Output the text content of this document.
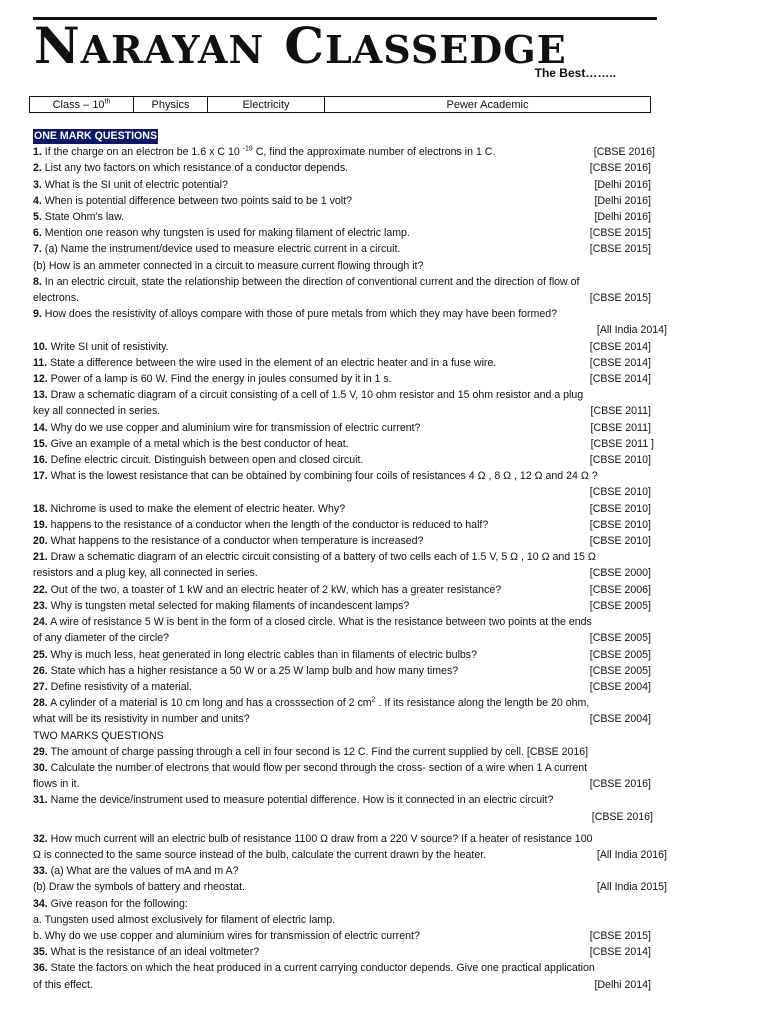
NARAYAN CLASSEDGE
The Best……..
Class – 10th	Physics	Electricity	Pewer Academic
ONE MARK QUESTIONS
1. If the charge on an electron be 1.6 x C 10 $^{-19}$ C, find the approximate number of electrons in 1 C.	[CBSE 2016]
2. List any two factors on which resistance of a conductor depends.	[CBSE 2016]
3. What is the SI unit of electric potential?	[Delhi 2016]
4. When is potential difference between two points said to be 1 volt?	[Delhi 2016]
5. State Ohm’s law.	[Delhi 2016]
6. Mention one reason why tungsten is used for making filament of electric lamp.	[CBSE 2015]
7. (a) Name the instrument/device used to measure electric current in a circuit.	[CBSE 2015]
(b) How is an ammeter connected in a circuit to measure current flowing through it?
8. In an electric circuit, state the relationship between the direction of conventional current and the direction of flow of
electrons.	[CBSE 2015]
9. How does the resistivity of alloys compare with those of pure metals from which they may have been formed?
[All India 2014]
10. Write SI unit of resistivity.	[CBSE 2014]
11. State a difference between the wire used in the element of an electric heater and in a fuse wire.	[CBSE 2014]
12. Power of a lamp is 60 W. Find the energy in joules consumed by it in 1 s.	[CBSE 2014]
13. Draw a schematic diagram of a circuit consisting of a cell of 1.5 V, 10 ohm resistor and 15 ohm resistor and a plug
key all connected in series.	[CBSE 2011]
14. Why do we use copper and aluminium wire for transmission of electric current?	[CBSE 2011]
15. Give an example of a metal which is the best conductor of heat.	[CBSE 2011 ]
16. Define electric circuit. Distinguish between open and closed circuit.	[CBSE 2010]
17. What is the lowest resistance that can be obtained by combining four coils of resistances 4 Ω , 8 Ω , 12 Ω and 24 Ω ?
[CBSE 2010]
18. Nichrome is used to make the element of electric heater. Why?	[CBSE 2010]
19. happens to the resistance of a conductor when the length of the conductor is reduced to half?	[CBSE 2010]
20. What happens to the resistance of a conductor when temperature is increased?	[CBSE 2010]
21. Draw a schematic diagram of an electric circuit consisting of a battery of two cells each of 1.5 V, 5 Ω , 10 Ω and 15 Ω
resistors and a plug key, all connected in series.	[CBSE 2000]
22. Out of the two, a toaster of 1 kW and an electric heater of 2 kW, which has a greater resistance?	[CBSE 2006]
23. Why is tungsten metal selected for making filaments of incandescent lamps?	[CBSE 2005]
24. A wire of resistance 5 W is bent in the form of a closed circle. What is the resistance between two points at the ends
of any diameter of the circle?	[CBSE 2005]
25. Why is much less, heat generated in long electric cables than in filaments of electric bulbs?	[CBSE 2005]
26. State which has a higher resistance a 50 W or a 25 W lamp bulb and how many times?	[CBSE 2005]
27. Define resistivity of a material.	[CBSE 2004]
28. A cylinder of a material is 10 cm long and has a crosssection of 2 $cm^2$ . If its resistance along the length be 20 ohm,
what will be its resistivity in number and units?	[CBSE 2004]
TWO MARKS QUESTIONS
29. The amount of charge passing through a cell in four second is 12 C. Find the current supplied by cell. [CBSE 2016]
30. Calculate the number of electrons that would flow per second through the cross- section of a wire when 1 A current
flows in it.	[CBSE 2016]
31. Name the device/instrument used to measure potential difference. How is it connected in an electric circuit?
[CBSE 2016]
32. How much current will an electric bulb of resistance 1100 Ω draw from a 220 V source? If a heater of resistance 100
Ω is connected to the same source instead of the bulb, calculate the current drawn by the heater.	[All India 2016]
33. (a) What are the values of mA and m A?
(b) Draw the symbols of battery and rheostat.	[All India 2015]
34. Give reason for the following:
a. Tungsten used almost exclusively for filament of electric lamp.
b. Why do we use copper and aluminium wires for transmission of electric current?	[CBSE 2015]
35. What is the resistance of an ideal voltmeter?	[CBSE 2014]
36. State the factors on which the heat produced in a current carrying conductor depends. Give one practical application
of this effect.	[Delhi 2014]
